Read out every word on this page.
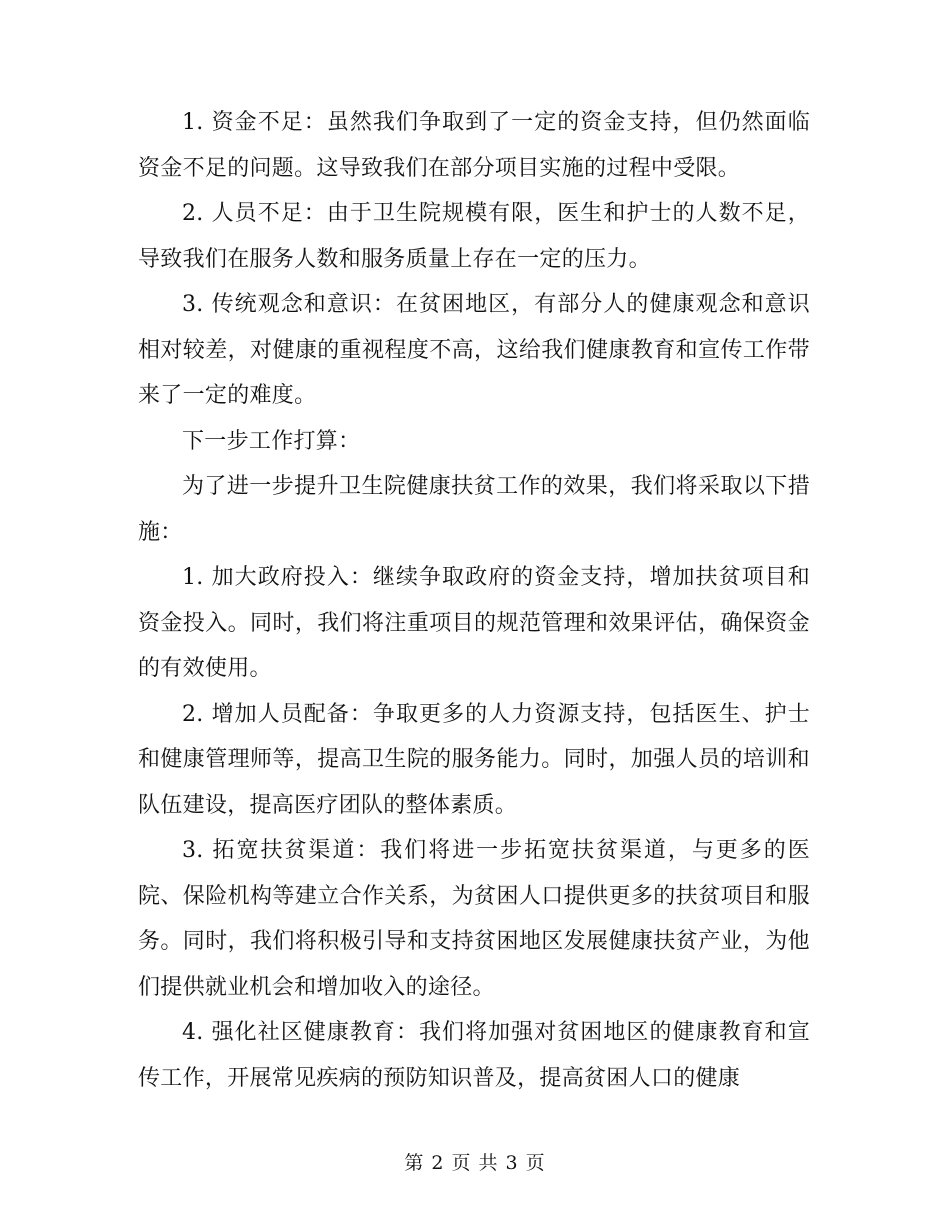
1. 资金不足：虽然我们争取到了一定的资金支持，但仍然面临资金不足的问题。这导致我们在部分项目实施的过程中受限。

2. 人员不足：由于卫生院规模有限，医生和护士的人数不足，导致我们在服务人数和服务质量上存在一定的压力。

3. 传统观念和意识：在贫困地区，有部分人的健康观念和意识相对较差，对健康的重视程度不高，这给我们健康教育和宣传工作带来了一定的难度。

下一步工作打算：

为了进一步提升卫生院健康扶贫工作的效果，我们将采取以下措施：

1. 加大政府投入：继续争取政府的资金支持，增加扶贫项目和资金投入。同时，我们将注重项目的规范管理和效果评估，确保资金的有效使用。

2. 增加人员配备：争取更多的人力资源支持，包括医生、护士和健康管理师等，提高卫生院的服务能力。同时，加强人员的培训和队伍建设，提高医疗团队的整体素质。

3. 拓宽扶贫渠道：我们将进一步拓宽扶贫渠道，与更多的医院、保险机构等建立合作关系，为贫困人口提供更多的扶贫项目和服务。同时，我们将积极引导和支持贫困地区发展健康扶贫产业，为他们提供就业机会和增加收入的途径。

4. 强化社区健康教育：我们将加强对贫困地区的健康教育和宣传工作，开展常见疾病的预防知识普及，提高贫困人口的健康

第 2 页 共 3 页
